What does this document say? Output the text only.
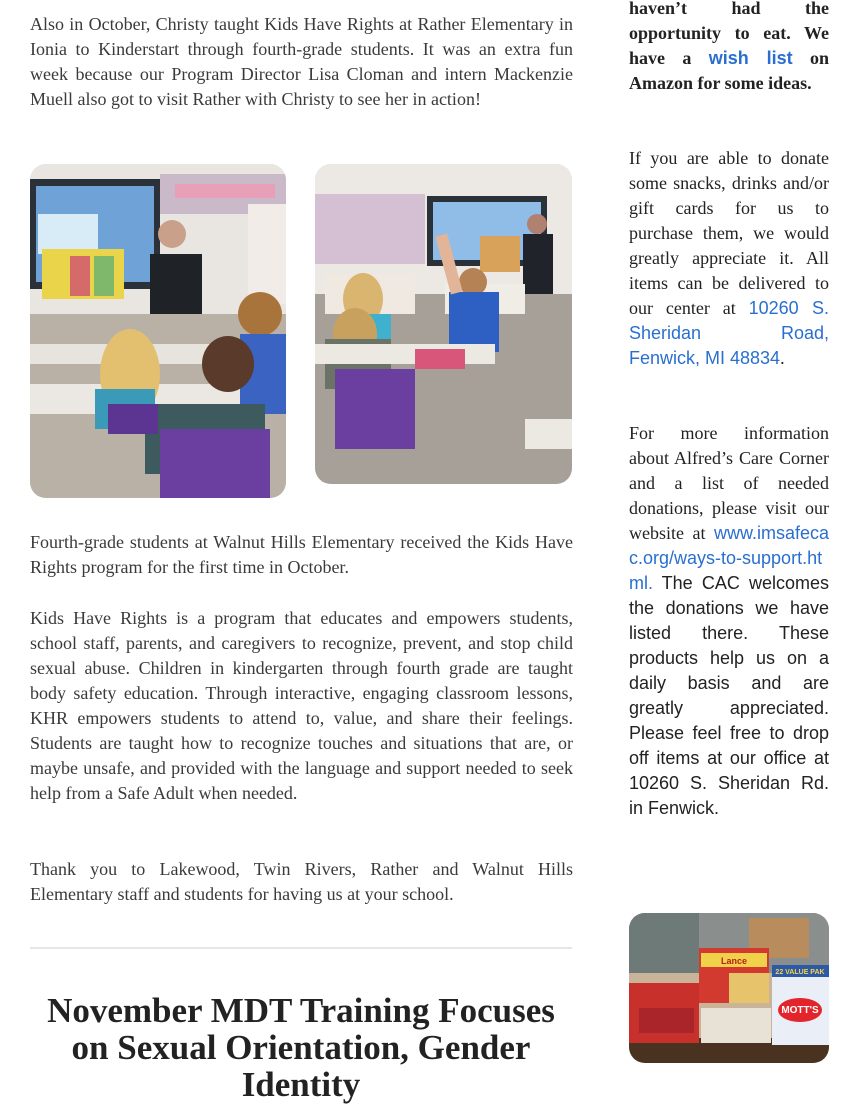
Also in October, Christy taught Kids Have Rights at Rather Elementary in Ionia to Kinderstart through fourth-grade students. It was an extra fun week because our Program Director Lisa Cloman and intern Mackenzie Muell also got to visit Rather with Christy to see her in action!

Fourth-grade students at Walnut Hills Elementary received the Kids Have Rights program for the first time in October.

Kids Have Rights is a program that educates and empowers students, school staff, parents, and caregivers to recognize, prevent, and stop child sexual abuse. Children in kindergarten through fourth grade are taught body safety education. Through interactive, engaging classroom lessons, KHR empowers students to attend to, value, and share their feelings. Students are taught how to recognize touches and situations that are, or maybe unsafe, and provided with the language and support needed to seek help from a Safe Adult when needed.

Thank you to Lakewood, Twin Rivers, Rather and Walnut Hills Elementary staff and students for having us at your school.

November MDT Training Focuses on Sexual Orientation, Gender Identity

haven’t had the opportunity to eat. We have a wish list on Amazon for some ideas.

If you are able to donate some snacks, drinks and/or gift cards for us to purchase them, we would greatly appreciate it. All items can be delivered to our center at 10260 S. Sheridan Road, Fenwick, MI 48834.

For more information about Alfred’s Care Corner and a list of needed donations, please visit our website at www.imsafecac.org/ways-to-support.html. The CAC welcomes the donations we have listed there. These products help us on a daily basis and are greatly appreciated. Please feel free to drop off items at our office at 10260 S. Sheridan Rd. in Fenwick.

Lance
22 VALUE PAK
MOTT'S
